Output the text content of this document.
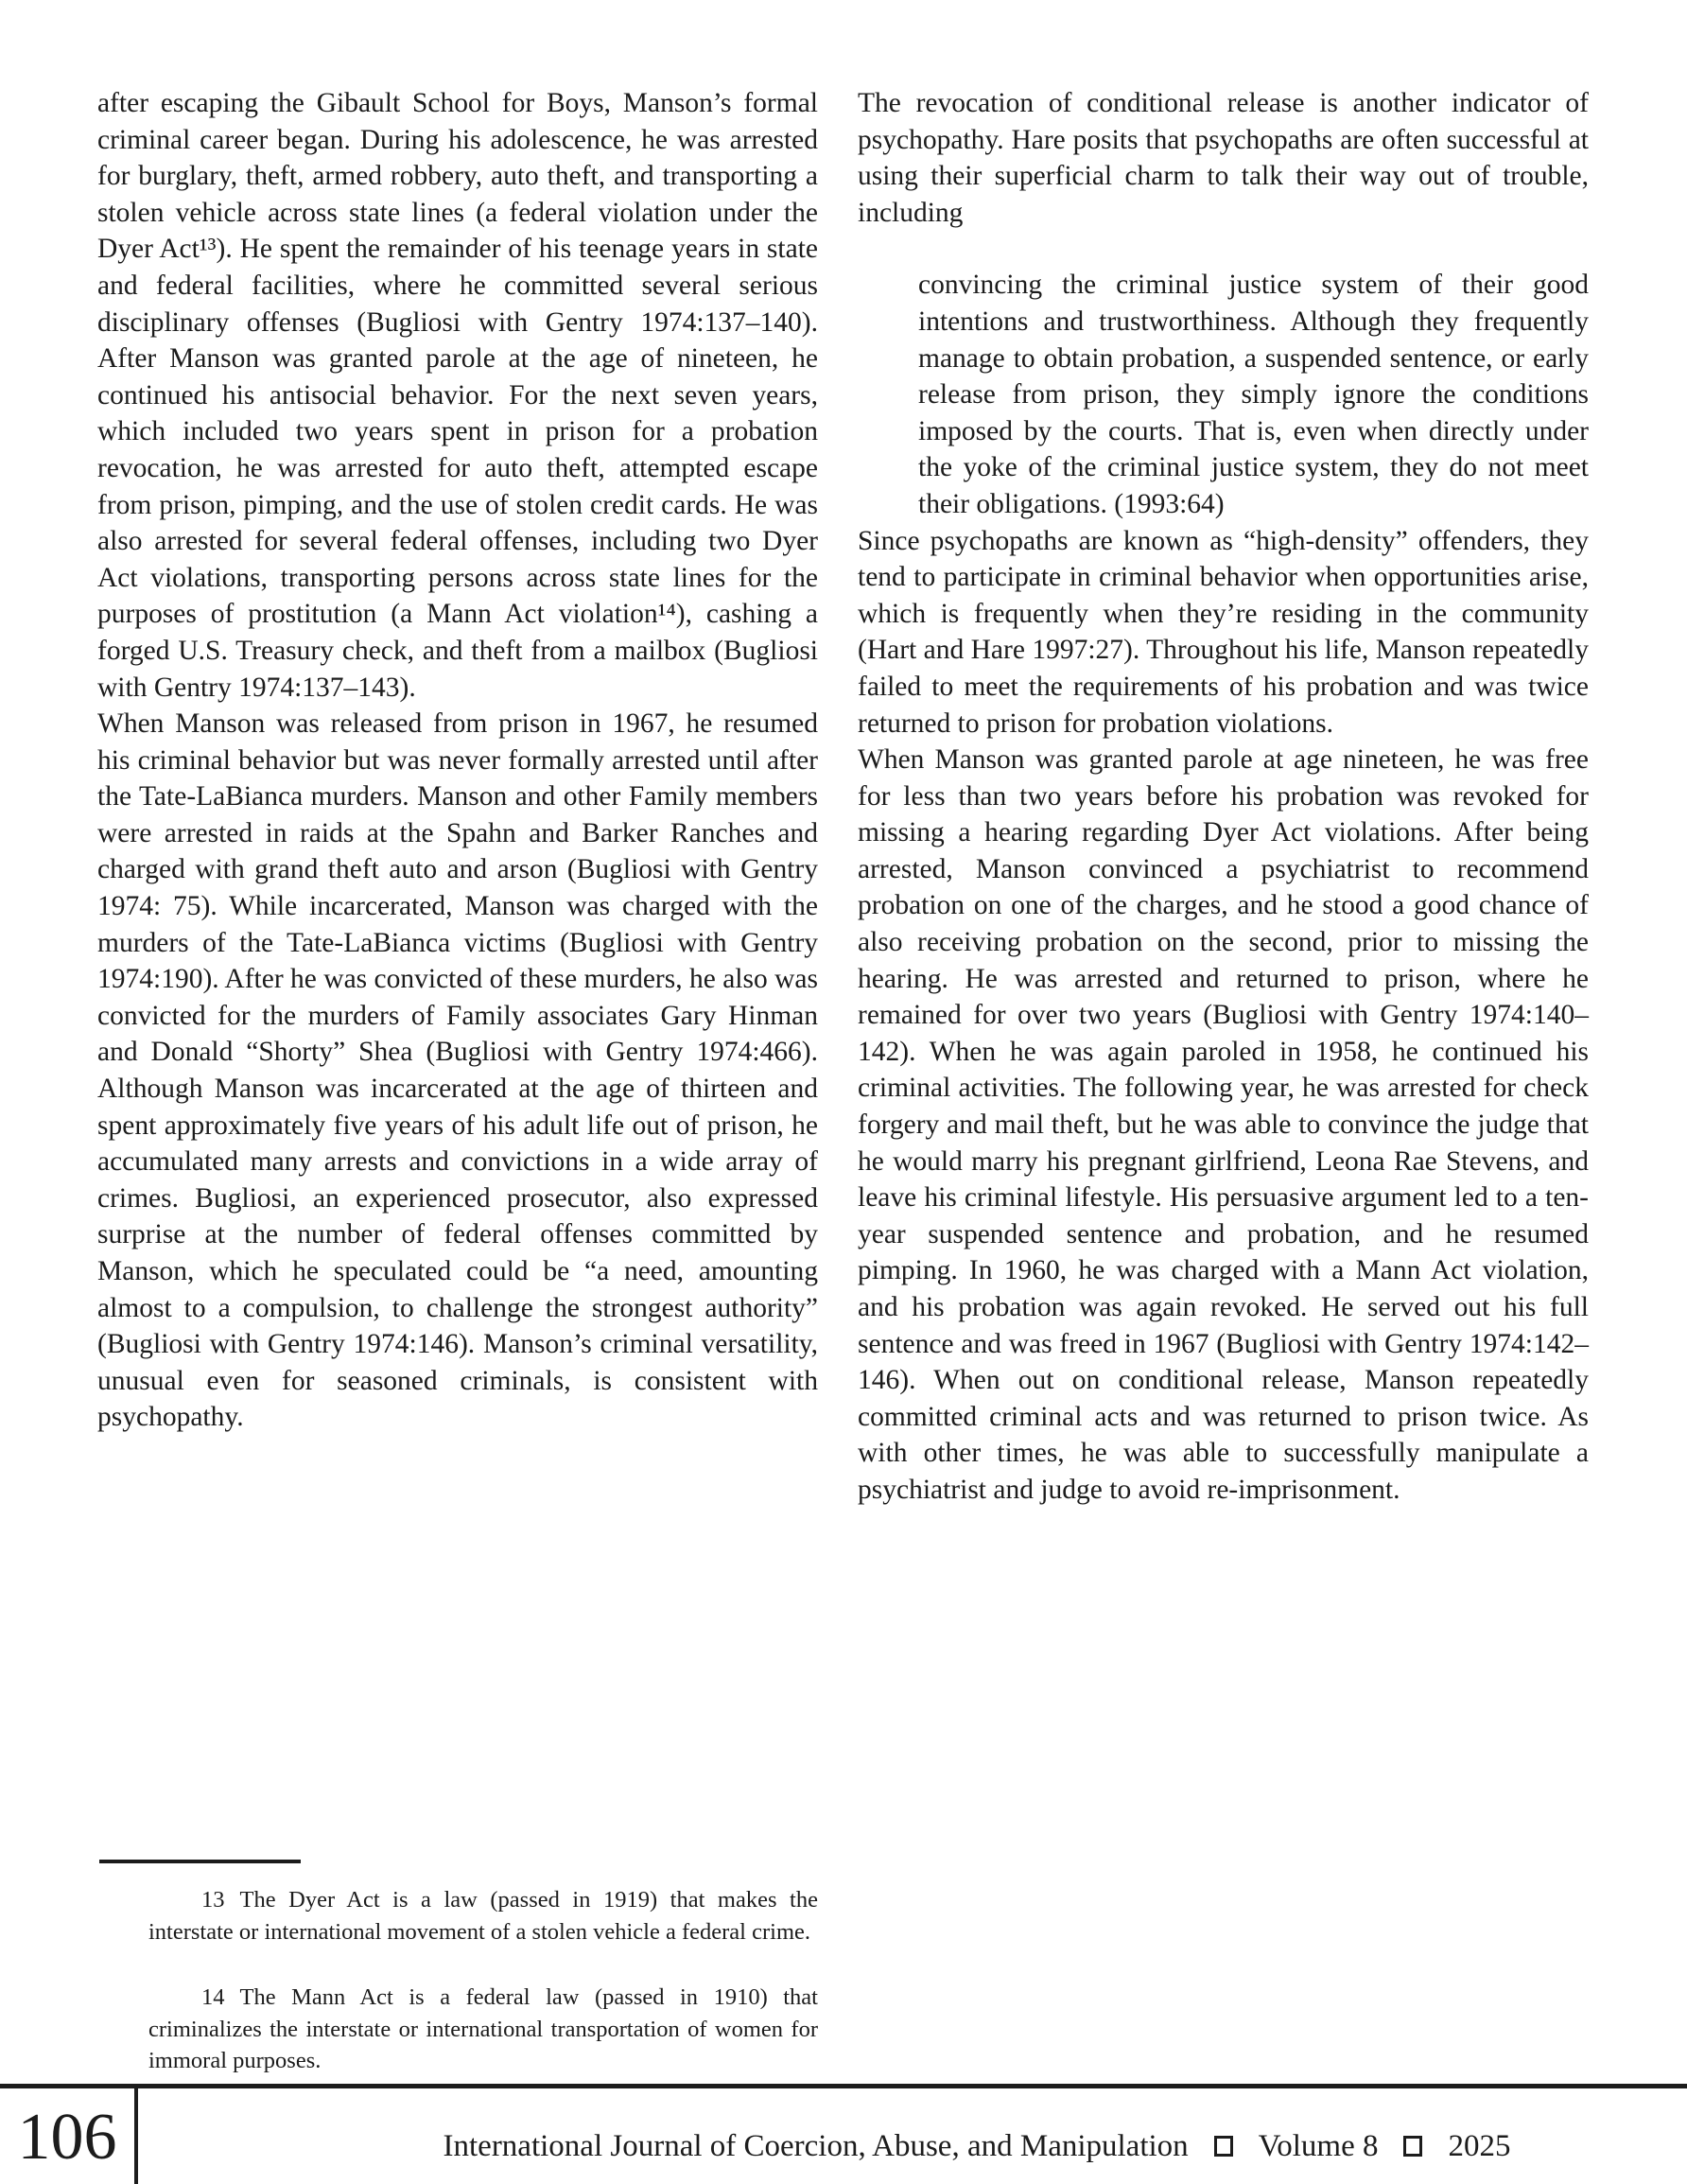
after escaping the Gibault School for Boys, Manson’s formal criminal career began. During his adolescence, he was arrested for burglary, theft, armed robbery, auto theft, and transporting a stolen vehicle across state lines (a federal violation under the Dyer Act¹³). He spent the remainder of his teenage years in state and federal facilities, where he committed several serious disciplinary offenses (Bugliosi with Gentry 1974:137–140). After Manson was granted parole at the age of nineteen, he continued his antisocial behavior. For the next seven years, which included two years spent in prison for a probation revocation, he was arrested for auto theft, attempted escape from prison, pimping, and the use of stolen credit cards. He was also arrested for several federal offenses, including two Dyer Act violations, transporting persons across state lines for the purposes of prostitution (a Mann Act violation¹⁴), cashing a forged U.S. Treasury check, and theft from a mailbox (Bugliosi with Gentry 1974:137–143).

When Manson was released from prison in 1967, he resumed his criminal behavior but was never formally arrested until after the Tate-LaBianca murders. Manson and other Family members were arrested in raids at the Spahn and Barker Ranches and charged with grand theft auto and arson (Bugliosi with Gentry 1974: 75). While incarcerated, Manson was charged with the murders of the Tate-LaBianca victims (Bugliosi with Gentry 1974:190). After he was convicted of these murders, he also was convicted for the murders of Family associates Gary Hinman and Donald “Shorty” Shea (Bugliosi with Gentry 1974:466). Although Manson was incarcerated at the age of thirteen and spent approximately five years of his adult life out of prison, he accumulated many arrests and convictions in a wide array of crimes. Bugliosi, an experienced prosecutor, also expressed surprise at the number of federal offenses committed by Manson, which he speculated could be “a need, amounting almost to a compulsion, to challenge the strongest authority” (Bugliosi with Gentry 1974:146). Manson’s criminal versatility, unusual even for seasoned criminals, is consistent with psychopathy.

The revocation of conditional release is another indicator of psychopathy. Hare posits that psychopaths are often successful at using their superficial charm to talk their way out of trouble, including

convincing the criminal justice system of their good intentions and trustworthiness. Although they frequently manage to obtain probation, a suspended sentence, or early release from prison, they simply ignore the conditions imposed by the courts. That is, even when directly under the yoke of the criminal justice system, they do not meet their obligations. (1993:64)

Since psychopaths are known as “high-density” offenders, they tend to participate in criminal behavior when opportunities arise, which is frequently when they’re residing in the community (Hart and Hare 1997:27). Throughout his life, Manson repeatedly failed to meet the requirements of his probation and was twice returned to prison for probation violations.

When Manson was granted parole at age nineteen, he was free for less than two years before his probation was revoked for missing a hearing regarding Dyer Act violations. After being arrested, Manson convinced a psychiatrist to recommend probation on one of the charges, and he stood a good chance of also receiving probation on the second, prior to missing the hearing. He was arrested and returned to prison, where he remained for over two years (Bugliosi with Gentry 1974:140–142). When he was again paroled in 1958, he continued his criminal activities. The following year, he was arrested for check forgery and mail theft, but he was able to convince the judge that he would marry his pregnant girlfriend, Leona Rae Stevens, and leave his criminal lifestyle. His persuasive argument led to a ten-year suspended sentence and probation, and he resumed pimping. In 1960, he was charged with a Mann Act violation, and his probation was again revoked. He served out his full sentence and was freed in 1967 (Bugliosi with Gentry 1974:142–146). When out on conditional release, Manson repeatedly committed criminal acts and was returned to prison twice. As with other times, he was able to successfully manipulate a psychiatrist and judge to avoid re-imprisonment.

13 The Dyer Act is a law (passed in 1919) that makes the interstate or international movement of a stolen vehicle a federal crime.

14 The Mann Act is a federal law (passed in 1910) that criminalizes the interstate or international transportation of women for immoral purposes.

106	International Journal of Coercion, Abuse, and Manipulation Volume 8 2025
